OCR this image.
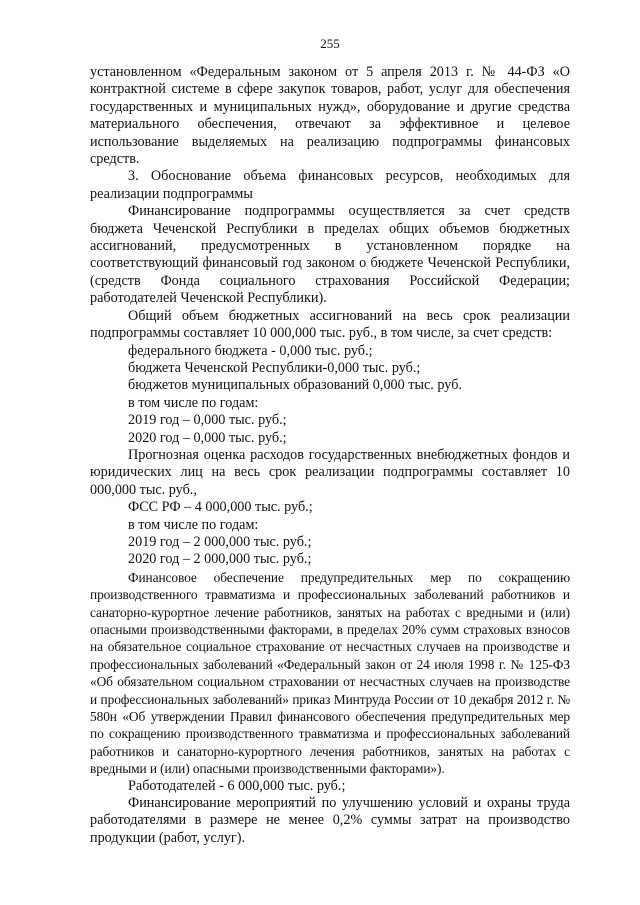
255

установленном «Федеральным законом от 5 апреля 2013 г. № 44-ФЗ «О контрактной системе в сфере закупок товаров, работ, услуг для обеспечения государственных и муниципальных нужд», оборудование и другие средства материального обеспечения, отвечают за эффективное и целевое использование выделяемых на реализацию подпрограммы финансовых средств.

3. Обоснование объема финансовых ресурсов, необходимых для реализации подпрограммы

Финансирование подпрограммы осуществляется за счет средств бюджета Чеченской Республики в пределах общих объемов бюджетных ассигнований, предусмотренных в установленном порядке на соответствующий финансовый год законом о бюджете Чеченской Республики, (средств Фонда социального страхования Российской Федерации; работодателей Чеченской Республики).

Общий объем бюджетных ассигнований на весь срок реализации подпрограммы составляет 10 000,000 тыс. руб., в том числе, за счет средств:

федерального бюджета - 0,000 тыс. руб.;

бюджета Чеченской Республики-0,000 тыс. руб.;

бюджетов муниципальных образований 0,000 тыс. руб.

в том числе по годам:

2019 год – 0,000 тыс. руб.;

2020 год – 0,000 тыс. руб.;

Прогнозная оценка расходов государственных внебюджетных фондов и юридических лиц на весь срок реализации подпрограммы составляет 10 000,000 тыс. руб.,

ФСС РФ – 4 000,000 тыс. руб.;

в том числе по годам:

2019 год – 2 000,000 тыс. руб.;

2020 год – 2 000,000 тыс. руб.;

Финансовое обеспечение предупредительных мер по сокращению производственного травматизма и профессиональных заболеваний работников и санаторно-курортное лечение работников, занятых на работах с вредными и (или) опасными производственными факторами, в пределах 20% сумм страховых взносов на обязательное социальное страхование от несчастных случаев на производстве и профессиональных заболеваний «Федеральный закон от 24 июля 1998 г. № 125-ФЗ «Об обязательном социальном страховании от несчастных случаев на производстве и профессиональных заболеваний» приказ Минтруда России от 10 декабря 2012 г. № 580н «Об утверждении Правил финансового обеспечения предупредительных мер по сокращению производственного травматизма и профессиональных заболеваний работников и санаторно-курортного лечения работников, занятых на работах с вредными и (или) опасными производственными факторами»).

Работодателей - 6 000,000 тыс. руб.;

Финансирование мероприятий по улучшению условий и охраны труда работодателями в размере не менее 0,2% суммы затрат на производство продукции (работ, услуг).
